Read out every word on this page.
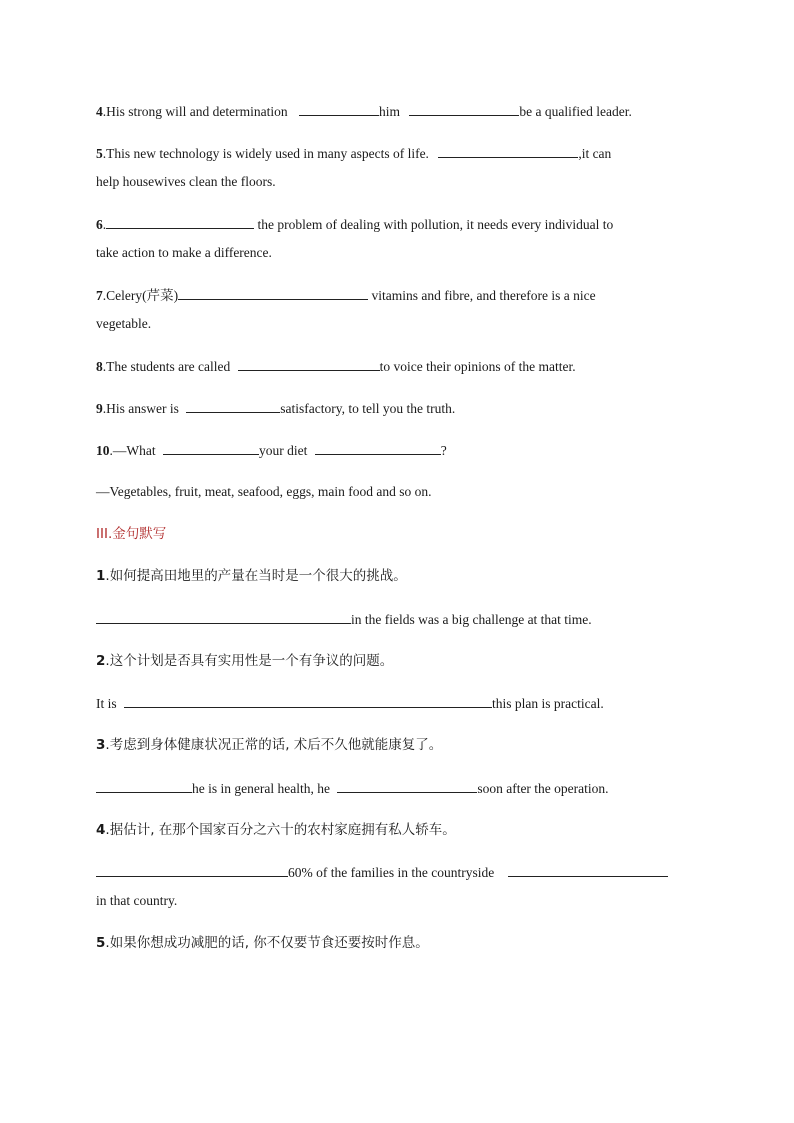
4.His strong will and determination	him	be a qualified leader.
5.This new technology is widely used in many aspects of life.	,it can
help housewives clean the floors.
6.	the problem of dealing with pollution, it needs every individual to
take action to make a difference.
7.Celery(芹菜)	vitamins and fibre, and therefore is a nice
vegetable.
8.The students are called	to voice their opinions of the matter.
9.His answer is	satisfactory, to tell you the truth.
10.—What	your diet	?
—Vegetables, fruit, meat, seafood, eggs, main food and so on.
III.金句默写
1.如何提高田地里的产量在当时是一个很大的挑战。
in the fields was a big challenge at that time.
2.这个计划是否具有实用性是一个有争议的问题。
It is	this plan is practical.
3.考虑到身体健康状况正常的话, 术后不久他就能康复了。
he is in general health, he	soon after the operation.
4.据估计, 在那个国家百分之六十的农村家庭拥有私人轿车。
60% of the families in the countryside
in that country.
5.如果你想成功减肥的话, 你不仅要节食还要按时作息。
